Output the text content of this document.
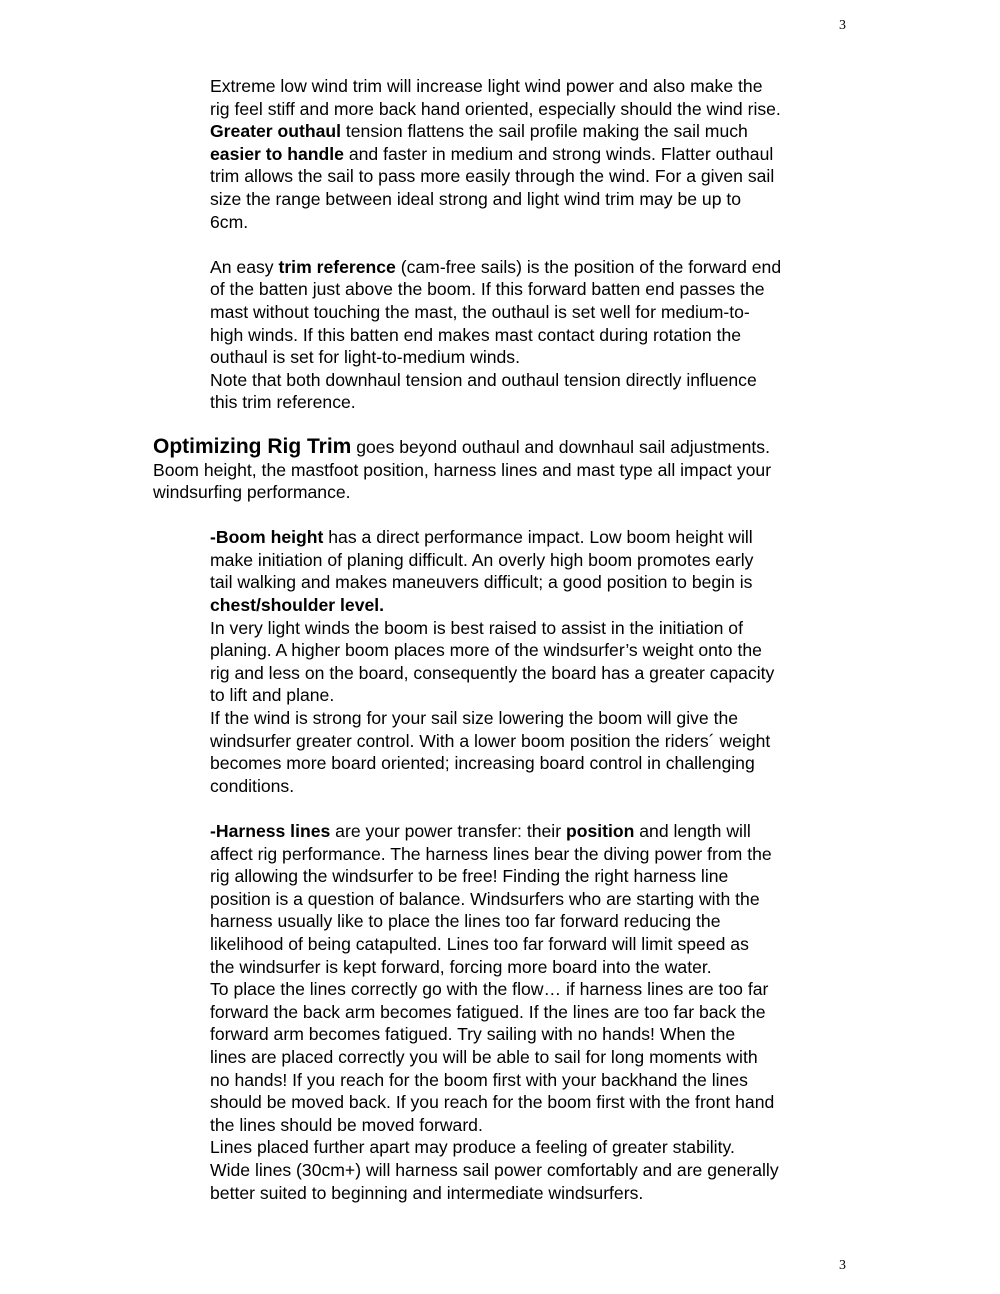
3
Extreme low wind trim will increase light wind power and also make the
rig feel stiff and more back hand oriented, especially should the wind rise.
Greater outhaul tension flattens the sail profile making the sail much
easier to handle and faster in medium and strong winds. Flatter outhaul
trim allows the sail to pass more easily through the wind. For a given sail
size the range between ideal strong and light wind trim may be up to
6cm.
An easy trim reference (cam-free sails) is the position of the forward end
of the batten just above the boom. If this forward batten end passes the
mast without touching the mast, the outhaul is set well for medium-to-
high winds. If this batten end makes mast contact during rotation the
outhaul is set for light-to-medium winds.
Note that both downhaul tension and outhaul tension directly influence
this trim reference.
Optimizing Rig Trim goes beyond outhaul and downhaul sail adjustments.
Boom height, the mastfoot position, harness lines and mast type all impact your
windsurfing performance.
-Boom height has a direct performance impact. Low boom height will
make initiation of planing difficult. An overly high boom promotes early
tail walking and makes maneuvers difficult; a good position to begin is
chest/shoulder level.
In very light winds the boom is best raised to assist in the initiation of
planing. A higher boom places more of the windsurfer’s weight onto the
rig and less on the board, consequently the board has a greater capacity
to lift and plane.
If the wind is strong for your sail size lowering the boom will give the
windsurfer greater control. With a lower boom position the riders´ weight
becomes more board oriented; increasing board control in challenging
conditions.
-Harness lines are your power transfer: their position and length will
affect rig performance. The harness lines bear the diving power from the
rig allowing the windsurfer to be free! Finding the right harness line
position is a question of balance. Windsurfers who are starting with the
harness usually like to place the lines too far forward reducing the
likelihood of being catapulted. Lines too far forward will limit speed as
the windsurfer is kept forward, forcing more board into the water.
To place the lines correctly go with the flow… if harness lines are too far
forward the back arm becomes fatigued. If the lines are too far back the
forward arm becomes fatigued. Try sailing with no hands! When the
lines are placed correctly you will be able to sail for long moments with
no hands! If you reach for the boom first with your backhand the lines
should be moved back. If you reach for the boom first with the front hand
the lines should be moved forward.
Lines placed further apart may produce a feeling of greater stability.
Wide lines (30cm+) will harness sail power comfortably and are generally
better suited to beginning and intermediate windsurfers.
3
